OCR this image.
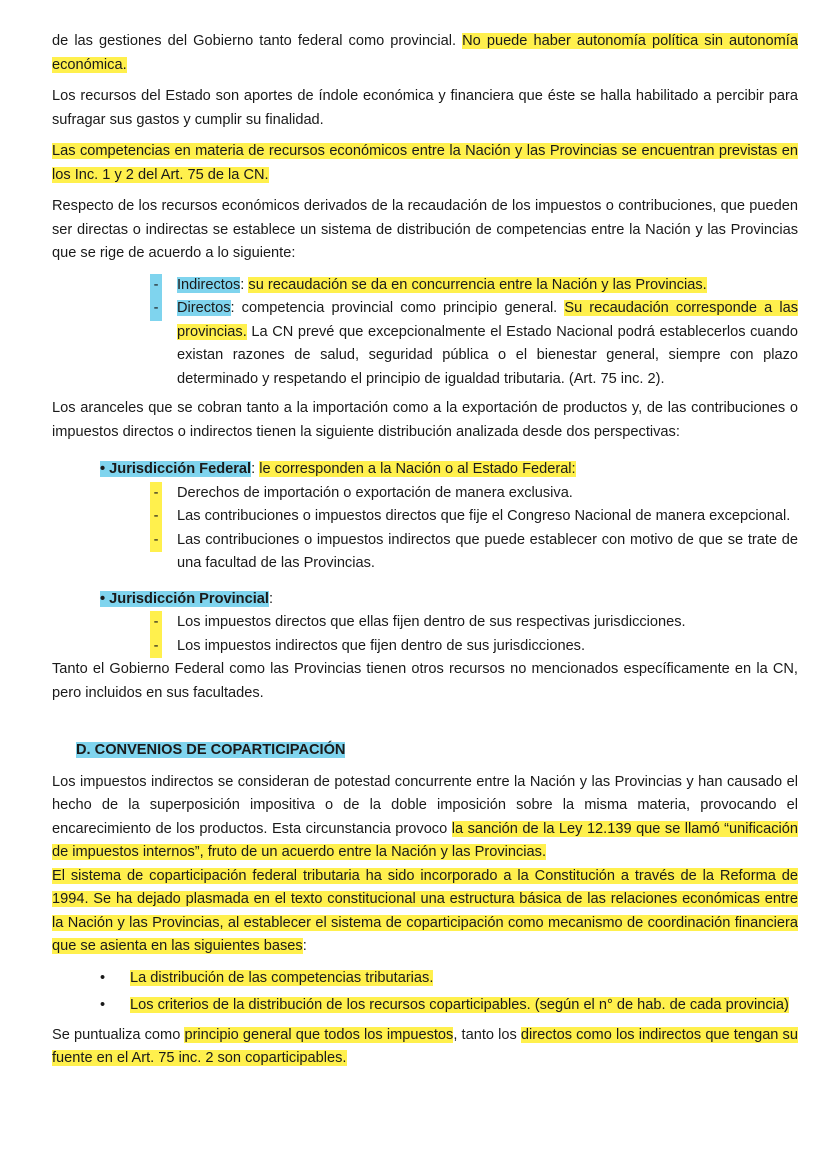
de las gestiones del Gobierno tanto federal como provincial. No puede haber autonomía política sin autonomía económica.

Los recursos del Estado son aportes de índole económica y financiera que éste se halla habilitado a percibir para sufragar sus gastos y cumplir su finalidad.

Las competencias en materia de recursos económicos entre la Nación y las Provincias se encuentran previstas en los Inc. 1 y 2 del Art. 75 de la CN.

Respecto de los recursos económicos derivados de la recaudación de los impuestos o contribuciones, que pueden ser directas o indirectas se establece un sistema de distribución de competencias entre la Nación y las Provincias que se rige de acuerdo a lo siguiente:

- Indirectos: su recaudación se da en concurrencia entre la Nación y las Provincias.
- Directos: competencia provincial como principio general. Su recaudación corresponde a las provincias. La CN prevé que excepcionalmente el Estado Nacional podrá establecerlos cuando existan razones de salud, seguridad pública o el bienestar general, siempre con plazo determinado y respetando el principio de igualdad tributaria. (Art. 75 inc. 2).

Los aranceles que se cobran tanto a la importación como a la exportación de productos y, de las contribuciones o impuestos directos o indirectos tienen la siguiente distribución analizada desde dos perspectivas:

• Jurisdicción Federal: le corresponden a la Nación o al Estado Federal:
- Derechos de importación o exportación de manera exclusiva.
- Las contribuciones o impuestos directos que fije el Congreso Nacional de manera excepcional.
- Las contribuciones o impuestos indirectos que puede establecer con motivo de que se trate de una facultad de las Provincias.
• Jurisdicción Provincial:
- Los impuestos directos que ellas fijen dentro de sus respectivas jurisdicciones.
- Los impuestos indirectos que fijen dentro de sus jurisdicciones.

Tanto el Gobierno Federal como las Provincias tienen otros recursos no mencionados específicamente en la CN, pero incluidos en sus facultades.

D. CONVENIOS DE COPARTICIPACIÓN

Los impuestos indirectos se consideran de potestad concurrente entre la Nación y las Provincias y han causado el hecho de la superposición impositiva o de la doble imposición sobre la misma materia, provocando el encarecimiento de los productos. Esta circunstancia provoco la sanción de la Ley 12.139 que se llamó “unificación de impuestos internos”, fruto de un acuerdo entre la Nación y las Provincias.

El sistema de coparticipación federal tributaria ha sido incorporado a la Constitución a través de la Reforma de 1994. Se ha dejado plasmada en el texto constitucional una estructura básica de las relaciones económicas entre la Nación y las Provincias, al establecer el sistema de coparticipación como mecanismo de coordinación financiera que se asienta en las siguientes bases:

• La distribución de las competencias tributarias.
• Los criterios de la distribución de los recursos coparticipables. (según el n° de hab. de cada provincia)

Se puntualiza como principio general que todos los impuestos, tanto los directos como los indirectos que tengan su fuente en el Art. 75 inc. 2 son coparticipables.
